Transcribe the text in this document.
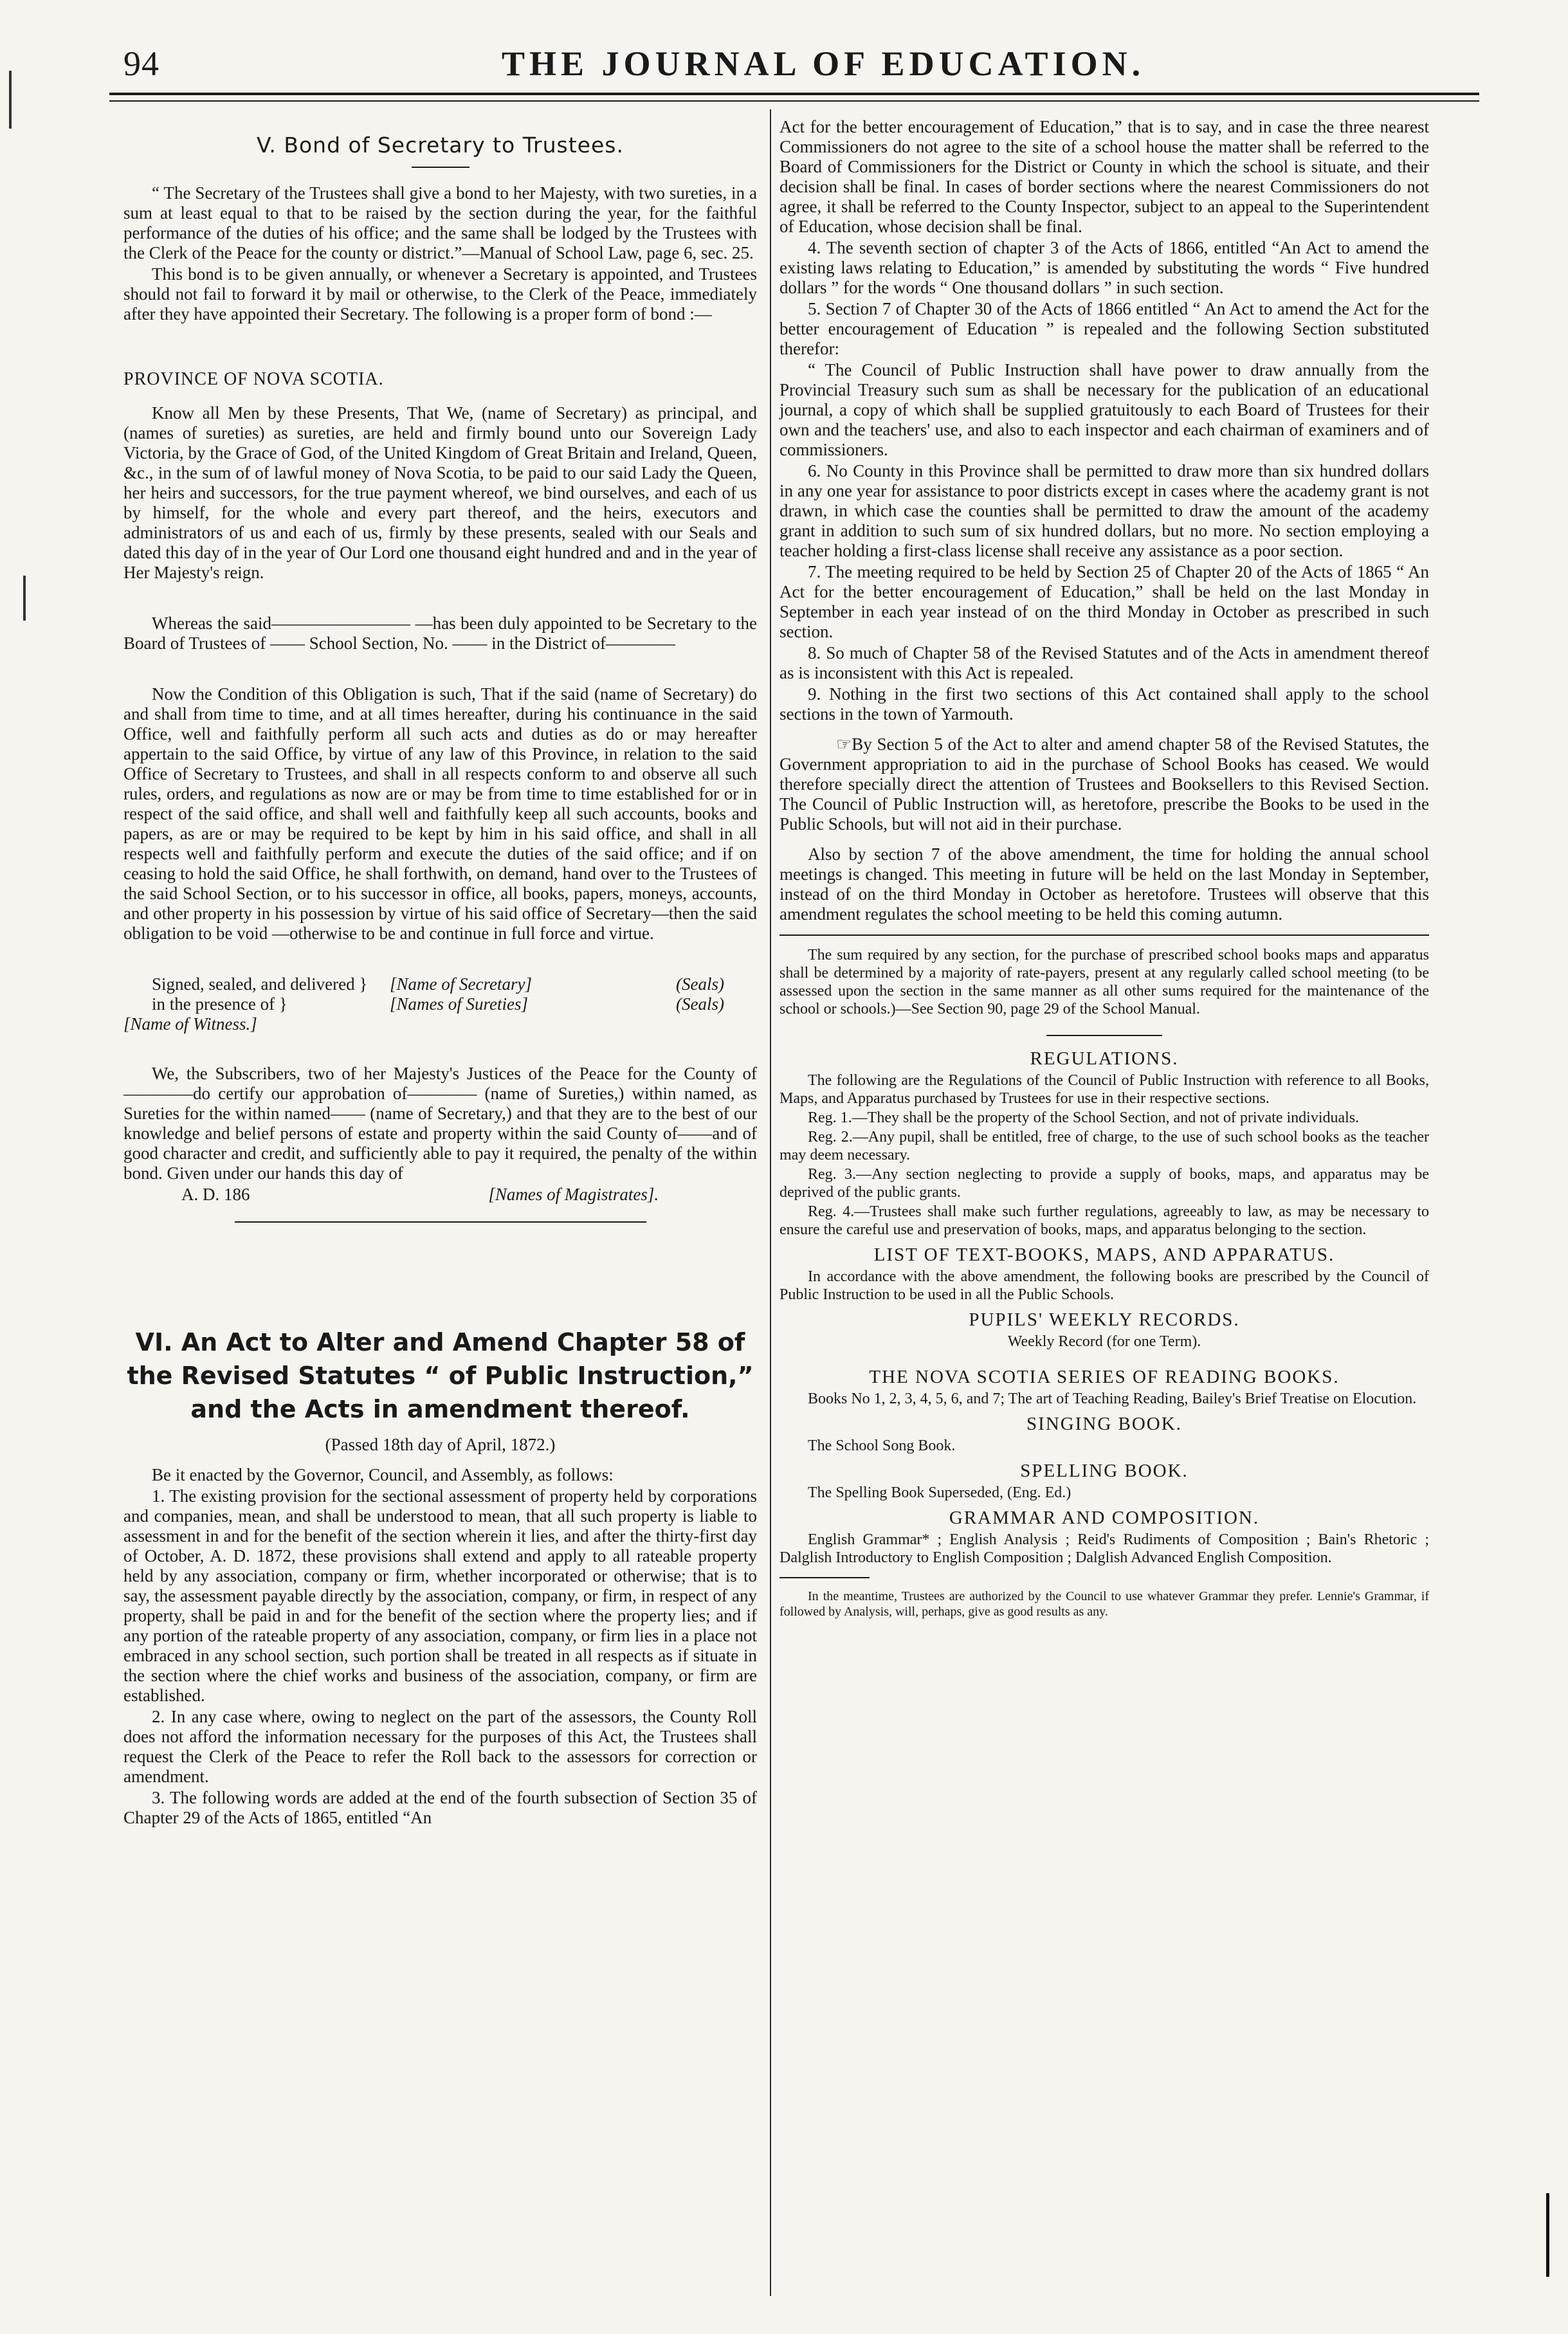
94	THE JOURNAL OF EDUCATION.
V. Bond of Secretary to Trustees.

“ The Secretary of the Trustees shall give a bond to her Majesty, with two sureties, in a sum at least equal to that to be raised by the section during the year, for the faithful performance of the duties of his office; and the same shall be lodged by the Trustees with the Clerk of the Peace for the county or district.”—Manual of School Law, page 6, sec. 25.

This bond is to be given annually, or whenever a Secretary is appointed, and Trustees should not fail to forward it by mail or otherwise, to the Clerk of the Peace, immediately after they have appointed their Secretary. The following is a proper form of bond :—

PROVINCE OF NOVA SCOTIA.

Know all Men by these Presents, That We, (name of Secretary) as principal, and (names of sureties) as sureties, are held and firmly bound unto our Sovereign Lady Victoria, by the Grace of God, of the United Kingdom of Great Britain and Ireland, Queen, &c., in the sum of of lawful money of Nova Scotia, to be paid to our said Lady the Queen, her heirs and successors, for the true payment whereof, we bind ourselves, and each of us by himself, for the whole and every part thereof, and the heirs, executors and administrators of us and each of us, firmly by these presents, sealed with our Seals and dated this day of in the year of Our Lord one thousand eight hundred and and in the year of Her Majesty's reign.

Whereas the said———————— —has been duly appointed to be Secretary to the Board of Trustees of —— School Section, No. —— in the District of————

Now the Condition of this Obligation is such, That if the said (name of Secretary) do and shall from time to time, and at all times hereafter, during his continuance in the said Office, well and faithfully perform all such acts and duties as do or may hereafter appertain to the said Office, by virtue of any law of this Province, in relation to the said Office of Secretary to Trustees, and shall in all respects conform to and observe all such rules, orders, and regulations as now are or may be from time to time established for or in respect of the said office, and shall well and faithfully keep all such accounts, books and papers, as are or may be required to be kept by him in his said office, and shall in all respects well and faithfully perform and execute the duties of the said office; and if on ceasing to hold the said Office, he shall forthwith, on demand, hand over to the Trustees of the said School Section, or to his successor in office, all books, papers, moneys, accounts, and other property in his possession by virtue of his said office of Secretary—then the said obligation to be void —otherwise to be and continue in full force and virtue.

Signed, sealed, and delivered }	[Name of Secretary]	(Seals)
in the presence of }	[Names of Sureties]	(Seals)
[Name of Witness.]

We, the Subscribers, two of her Majesty's Justices of the Peace for the County of————do certify our approbation of———— (name of Sureties,) within named, as Sureties for the within named—— (name of Secretary,) and that they are to the best of our knowledge and belief persons of estate and property within the said County of——and of good character and credit, and sufficiently able to pay it required, the penalty of the within bond. Given under our hands this day of

A. D. 186	[Names of Magistrates].
VI. An Act to Alter and Amend Chapter 58 of the Revised Statutes “ of Public Instruction,” and the Acts in amendment thereof.

(Passed 18th day of April, 1872.)

Be it enacted by the Governor, Council, and Assembly, as follows:

1. The existing provision for the sectional assessment of property held by corporations and companies, mean, and shall be understood to mean, that all such property is liable to assessment in and for the benefit of the section wherein it lies, and after the thirty-first day of October, A. D. 1872, these provisions shall extend and apply to all rateable property held by any association, company or firm, whether incorporated or otherwise; that is to say, the assessment payable directly by the association, company, or firm, in respect of any property, shall be paid in and for the benefit of the section where the property lies; and if any portion of the rateable property of any association, company, or firm lies in a place not embraced in any school section, such portion shall be treated in all respects as if situate in the section where the chief works and business of the association, company, or firm are established.

2. In any case where, owing to neglect on the part of the assessors, the County Roll does not afford the information necessary for the purposes of this Act, the Trustees shall request the Clerk of the Peace to refer the Roll back to the assessors for correction or amendment.

3. The following words are added at the end of the fourth subsection of Section 35 of Chapter 29 of the Acts of 1865, entitled “An

Act for the better encouragement of Education,” that is to say, and in case the three nearest Commissioners do not agree to the site of a school house the matter shall be referred to the Board of Commissioners for the District or County in which the school is situate, and their decision shall be final. In cases of border sections where the nearest Commissioners do not agree, it shall be referred to the County Inspector, subject to an appeal to the Superintendent of Education, whose decision shall be final.

4. The seventh section of chapter 3 of the Acts of 1866, entitled “An Act to amend the existing laws relating to Education,” is amended by substituting the words “ Five hundred dollars ” for the words “ One thousand dollars ” in such section.

5. Section 7 of Chapter 30 of the Acts of 1866 entitled “ An Act to amend the Act for the better encouragement of Education ” is repealed and the following Section substituted therefor:

“ The Council of Public Instruction shall have power to draw annually from the Provincial Treasury such sum as shall be necessary for the publication of an educational journal, a copy of which shall be supplied gratuitously to each Board of Trustees for their own and the teachers' use, and also to each inspector and each chairman of examiners and of commissioners.

6. No County in this Province shall be permitted to draw more than six hundred dollars in any one year for assistance to poor districts except in cases where the academy grant is not drawn, in which case the counties shall be permitted to draw the amount of the academy grant in addition to such sum of six hundred dollars, but no more. No section employing a teacher holding a first-class license shall receive any assistance as a poor section.

7. The meeting required to be held by Section 25 of Chapter 20 of the Acts of 1865 “ An Act for the better encouragement of Education,” shall be held on the last Monday in September in each year instead of on the third Monday in October as prescribed in such section.

8. So much of Chapter 58 of the Revised Statutes and of the Acts in amendment thereof as is inconsistent with this Act is repealed.

9. Nothing in the first two sections of this Act contained shall apply to the school sections in the town of Yarmouth.

☞By Section 5 of the Act to alter and amend chapter 58 of the Revised Statutes, the Government appropriation to aid in the purchase of School Books has ceased. We would therefore specially direct the attention of Trustees and Booksellers to this Revised Section. The Council of Public Instruction will, as heretofore, prescribe the Books to be used in the Public Schools, but will not aid in their purchase.

Also by section 7 of the above amendment, the time for holding the annual school meetings is changed. This meeting in future will be held on the last Monday in September, instead of on the third Monday in October as heretofore. Trustees will observe that this amendment regulates the school meeting to be held this coming autumn.

The sum required by any section, for the purchase of prescribed school books maps and apparatus shall be determined by a majority of rate-payers, present at any regularly called school meeting (to be assessed upon the section in the same manner as all other sums required for the maintenance of the school or schools.)—See Section 90, page 29 of the School Manual.

REGULATIONS.

The following are the Regulations of the Council of Public Instruction with reference to all Books, Maps, and Apparatus purchased by Trustees for use in their respective sections.

Reg. 1.—They shall be the property of the School Section, and not of private individuals.

Reg. 2.—Any pupil, shall be entitled, free of charge, to the use of such school books as the teacher may deem necessary.

Reg. 3.—Any section neglecting to provide a supply of books, maps, and apparatus may be deprived of the public grants.

Reg. 4.—Trustees shall make such further regulations, agreeably to law, as may be necessary to ensure the careful use and preservation of books, maps, and apparatus belonging to the section.

LIST OF TEXT-BOOKS, MAPS, AND APPARATUS.

In accordance with the above amendment, the following books are prescribed by the Council of Public Instruction to be used in all the Public Schools.

PUPILS' WEEKLY RECORDS.

Weekly Record (for one Term).

THE NOVA SCOTIA SERIES OF READING BOOKS.

Books No 1, 2, 3, 4, 5, 6, and 7; The art of Teaching Reading, Bailey's Brief Treatise on Elocution.

SINGING BOOK.

The School Song Book.

SPELLING BOOK.

The Spelling Book Superseded, (Eng. Ed.)

GRAMMAR AND COMPOSITION.

English Grammar* ; English Analysis ; Reid's Rudiments of Composition ; Bain's Rhetoric ; Dalglish Introductory to English Composition ; Dalglish Advanced English Composition.

In the meantime, Trustees are authorized by the Council to use whatever Grammar they prefer. Lennie's Grammar, if followed by Analysis, will, perhaps, give as good results as any.
